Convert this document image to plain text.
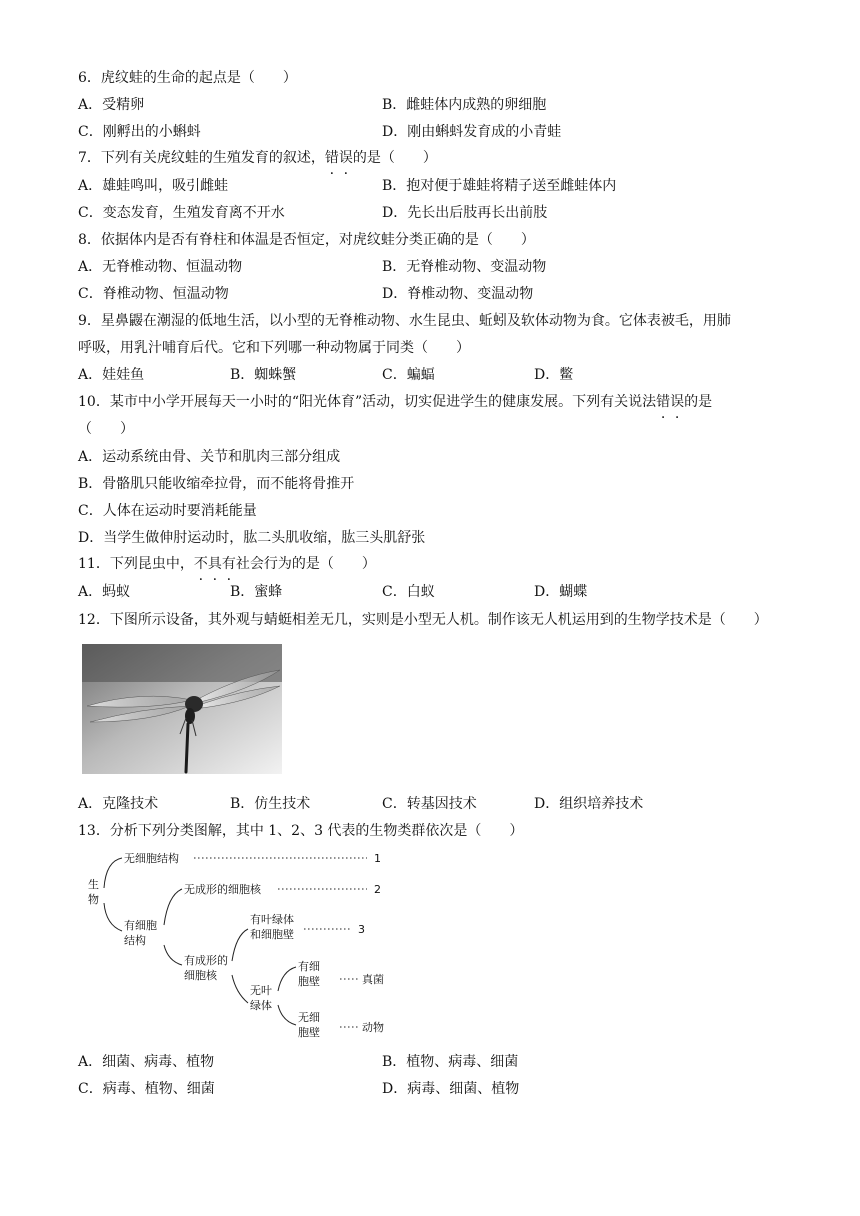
6．虎纹蛙的生命的起点是（　　）
A．受精卵	B．雌蛙体内成熟的卵细胞
C．刚孵出的小蝌蚪	D．刚由蝌蚪发育成的小青蛙
7．下列有关虎纹蛙的生殖发育的叙述，错误的是（　　）
A．雄蛙鸣叫，吸引雌蛙	B．抱对便于雄蛙将精子送至雌蛙体内
C．变态发育，生殖发育离不开水	D．先长出后肢再长出前肢
8．依据体内是否有脊柱和体温是否恒定，对虎纹蛙分类正确的是（　　）
A．无脊椎动物、恒温动物	B．无脊椎动物、变温动物
C．脊椎动物、恒温动物	D．脊椎动物、变温动物
9．星鼻鼹在潮湿的低地生活，以小型的无脊椎动物、水生昆虫、蚯蚓及软体动物为食。它体表被毛，用肺
呼吸，用乳汁哺育后代。它和下列哪一种动物属于同类（　　）
A．娃娃鱼	B．蜘蛛蟹	C．蝙蝠	D．鳖
10．某市中小学开展每天一小时的“阳光体育”活动，切实促进学生的健康发展。下列有关说法错误的是
（　　）
A．运动系统由骨、关节和肌肉三部分组成
B．骨骼肌只能收缩牵拉骨，而不能将骨推开
C．人体在运动时要消耗能量
D．当学生做伸肘运动时，肱二头肌收缩，肱三头肌舒张
11．下列昆虫中，不具有社会行为的是（　　）
A．蚂蚁	B．蜜蜂	C．白蚁	D．蝴蝶
12．下图所示设备，其外观与蜻蜓相差无几，实则是小型无人机。制作该无人机运用到的生物学技术是（　　）
A．克隆技术	B．仿生技术	C．转基因技术	D．组织培养技术
13．分析下列分类图解，其中 1、2、3 代表的生物类群依次是（　　）
生
物
无细胞结构	1
有细胞
结构
无成形的细胞核	2
有成形的
细胞核
有叶绿体
和细胞壁	3
无叶
绿体
有细
胞壁	真菌
无细
胞壁	动物
A．细菌、病毒、植物	B．植物、病毒、细菌
C．病毒、植物、细菌	D．病毒、细菌、植物
